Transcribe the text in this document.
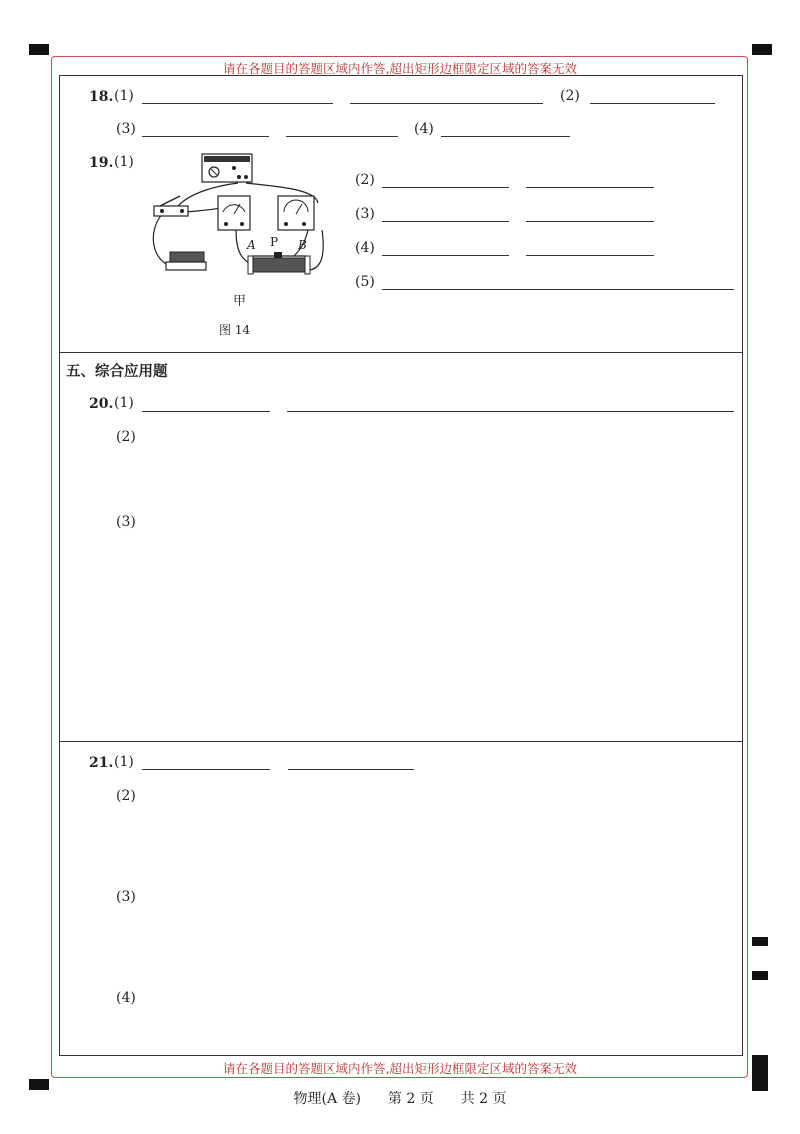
请在各题目的答题区域内作答,超出矩形边框限定区域的答案无效
请在各题目的答题区域内作答,超出矩形边框限定区域的答案无效
18. (1)	(2)
(3)	(4)
19. (1)
A P B
甲
图 14
(2)
(3)
(4)
(5)
五、综合应用题
20. (1)
(2)
(3)
21. (1)
(2)
(3)
(4)
物理(A 卷) 第 2 页 共 2 页
